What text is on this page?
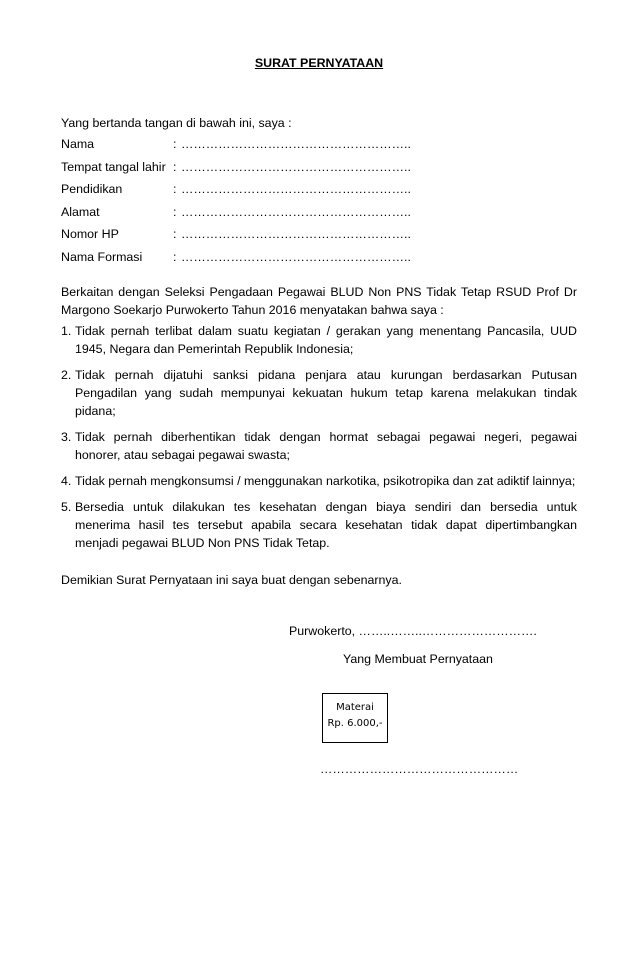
SURAT PERNYATAAN
Yang bertanda tangan di bawah ini, saya :
Nama	: ………………………………………………..
Tempat tangal lahir : ………………………………………………..
Pendidikan	: ………………………………………………..
Alamat	: ………………………………………………..
Nomor HP	: ………………………………………………..
Nama Formasi	: ………………………………………………..
Berkaitan dengan Seleksi Pengadaan Pegawai BLUD Non PNS Tidak Tetap RSUD Prof Dr Margono Soekarjo Purwokerto Tahun 2016 menyatakan bahwa saya :
1. Tidak pernah terlibat dalam suatu kegiatan / gerakan yang menentang Pancasila, UUD 1945, Negara dan Pemerintah Republik Indonesia;
2. Tidak pernah dijatuhi sanksi pidana penjara atau kurungan berdasarkan Putusan Pengadilan yang sudah mempunyai kekuatan hukum tetap karena melakukan tindak pidana;
3. Tidak pernah diberhentikan tidak dengan hormat sebagai pegawai negeri, pegawai honorer, atau sebagai pegawai swasta;
4. Tidak pernah mengkonsumsi / menggunakan narkotika, psikotropika dan zat adiktif lainnya;
5. Bersedia untuk dilakukan tes kesehatan dengan biaya sendiri dan bersedia untuk menerima hasil tes tersebut apabila secara kesehatan tidak dapat dipertimbangkan menjadi pegawai BLUD Non PNS Tidak Tetap.
Demikian Surat Pernyataan ini saya buat dengan sebenarnya.
Purwokerto, ……..……..……………………….
Yang Membuat Pernyataan
Materai
Rp. 6.000,-
…………………………………………
